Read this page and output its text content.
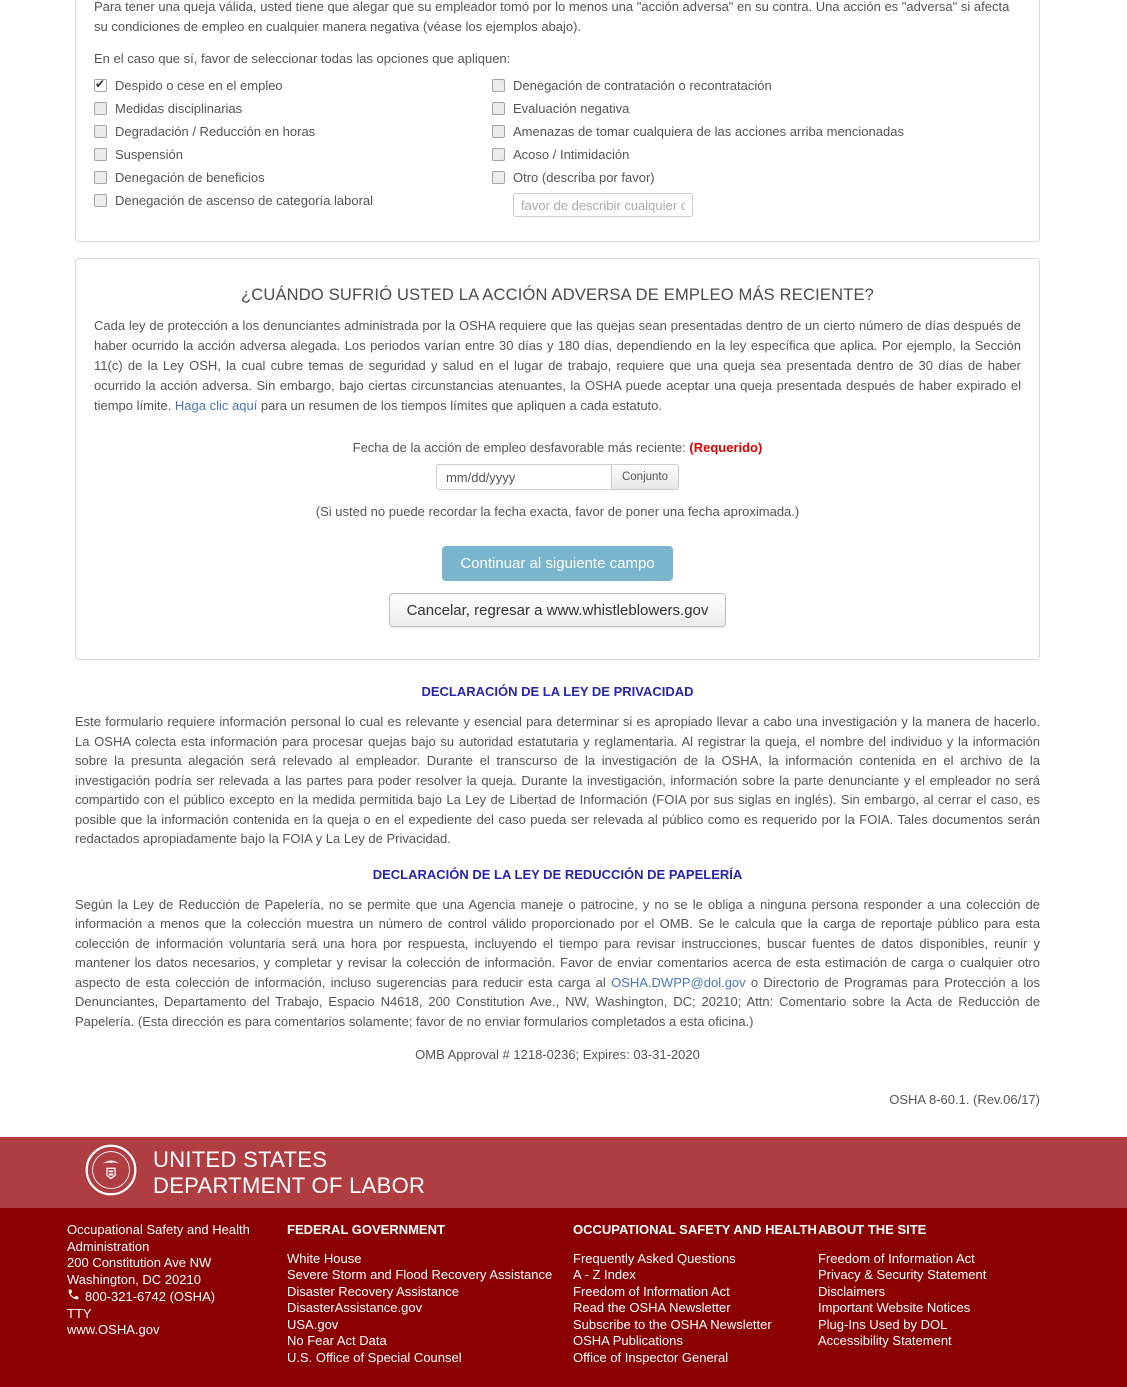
Para tener una queja válida, usted tiene que alegar que su empleador tomó por lo menos una "acción adversa" en su contra. Una acción es "adversa" si afecta su condiciones de empleo en cualquier manera negativa (véase los ejemplos abajo).

En el caso que sí, favor de seleccionar todas las opciones que apliquen:

✔
Despido o cese en el empleo
Medidas disciplinarias
Degradación / Reducción en horas
Suspensión
Denegación de beneficios
Denegación de ascenso de categoría laboral
Denegación de contratación o recontratación
Evaluación negativa
Amenazas de tomar cualquiera de las acciones arriba mencionadas
Acoso / Intimidación
Otro (describa por favor)
favor de describir cualquier otra a
¿CUÁNDO SUFRIÓ USTED LA ACCIÓN ADVERSA DE EMPLEO MÁS RECIENTE?

Cada ley de protección a los denunciantes administrada por la OSHA requiere que las quejas sean presentadas dentro de un cierto número de días después de haber ocurrido la acción adversa alegada. Los periodos varían entre 30 días y 180 días, dependiendo en la ley específica que aplica. Por ejemplo, la Sección 11(c) de la Ley OSH, la cual cubre temas de seguridad y salud en el lugar de trabajo, requiere que una queja sea presentada dentro de 30 días de haber ocurrido la acción adversa. Sin embargo, bajo ciertas circunstancias atenuantes, la OSHA puede aceptar una queja presentada después de haber expirado el tiempo límite. Haga clic aquí para un resumen de los tiempos límites que apliquen a cada estatuto.

Fecha de la acción de empleo desfavorable más reciente: (Requerido)
mm/dd/yyyy
Conjunto

(Si usted no puede recordar la fecha exacta, favor de poner una fecha aproximada.)

Continuar al siguiente campo
Cancelar, regresar a www.whistleblowers.gov
DECLARACIÓN DE LA LEY DE PRIVACIDAD

Este formulario requiere información personal lo cual es relevante y esencial para determinar si es apropiado llevar a cabo una investigación y la manera de hacerlo. La OSHA colecta esta información para procesar quejas bajo su autoridad estatutaria y reglamentaria. Al registrar la queja, el nombre del individuo y la información sobre la presunta alegación será relevado al empleador. Durante el transcurso de la investigación de la OSHA, la información contenida en el archivo de la investigación podría ser relevada a las partes para poder resolver la queja. Durante la investigación, información sobre la parte denunciante y el empleador no será compartido con el público excepto en la medida permitida bajo La Ley de Libertad de Información (FOIA por sus siglas en inglés). Sin embargo, al cerrar el caso, es posible que la información contenida en la queja o en el expediente del caso pueda ser relevada al público como es requerido por la FOIA. Tales documentos serán redactados apropiadamente bajo la FOIA y La Ley de Privacidad.

DECLARACIÓN DE LA LEY DE REDUCCIÓN DE PAPELERÍA

Según la Ley de Reducción de Papelería, no se permite que una Agencia maneje o patrocine, y no se le obliga a ninguna persona responder a una colección de información a menos que la colección muestra un número de control válido proporcionado por el OMB. Se le calcula que la carga de reportaje público para esta colección de información voluntaria será una hora por respuesta, incluyendo el tiempo para revisar instrucciones, buscar fuentes de datos disponibles, reunir y mantener los datos necesarios, y completar y revisar la colección de información. Favor de enviar comentarios acerca de esta estimación de carga o cualquier otro aspecto de esta colección de información, incluso sugerencias para reducir esta carga al OSHA.DWPP@dol.gov o Directorio de Programas para Protección a los Denunciantes, Departamento del Trabajo, Espacio N4618, 200 Constitution Ave., NW, Washington, DC; 20210; Attn: Comentario sobre la Acta de Reducción de Papelería. (Esta dirección es para comentarios solamente; favor de no enviar formularios completados a esta oficina.)

OMB Approval # 1218-0236; Expires: 03-31-2020

OSHA 8-60.1. (Rev.06/17)

UNITED STATES
DEPARTMENT OF LABOR
Occupational Safety and Health Administration
200 Constitution Ave NW
Washington, DC 20210
800-321-6742 (OSHA)
TTY
www.OSHA.gov

FEDERAL GOVERNMENT

White House
Severe Storm and Flood Recovery Assistance
Disaster Recovery Assistance
DisasterAssistance.gov
USA.gov
No Fear Act Data
U.S. Office of Special Counsel

OCCUPATIONAL SAFETY AND HEALTH

Frequently Asked Questions
A - Z Index
Freedom of Information Act
Read the OSHA Newsletter
Subscribe to the OSHA Newsletter
OSHA Publications
Office of Inspector General

ABOUT THE SITE

Freedom of Information Act
Privacy & Security Statement
Disclaimers
Important Website Notices
Plug-Ins Used by DOL
Accessibility Statement
